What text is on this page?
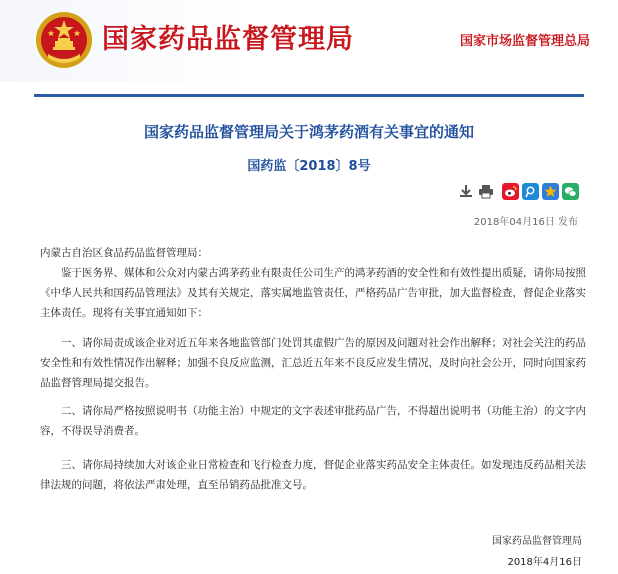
国家药品监督管理局	国家市场监督管理总局
国家药品监督管理局关于鸿茅药酒有关事宜的通知
国药监〔2018〕8号
2018年04月16日 发布
内蒙古自治区食品药品监督管理局：
鉴于医务界、媒体和公众对内蒙古鸿茅药业有限责任公司生产的鸿茅药酒的安全性和有效性提出质疑，请你局按照《中华人民共和国药品管理法》及其有关规定，落实属地监管责任，严格药品广告审批，加大监督检查，督促企业落实主体责任。现将有关事宜通知如下：
一、请你局责成该企业对近五年来各地监管部门处罚其虚假广告的原因及问题对社会作出解释；对社会关注的药品安全性和有效性情况作出解释；加强不良反应监测，汇总近五年来不良反应发生情况，及时向社会公开，同时向国家药品监督管理局提交报告。
二、请你局严格按照说明书（功能主治）中规定的文字表述审批药品广告，不得超出说明书（功能主治）的文字内容，不得误导消费者。
三、请你局持续加大对该企业日常检查和飞行检查力度，督促企业落实药品安全主体责任。如发现违反药品相关法律法规的问题，将依法严肃处理，直至吊销药品批准文号。
国家药品监督管理局
2018年4月16日
